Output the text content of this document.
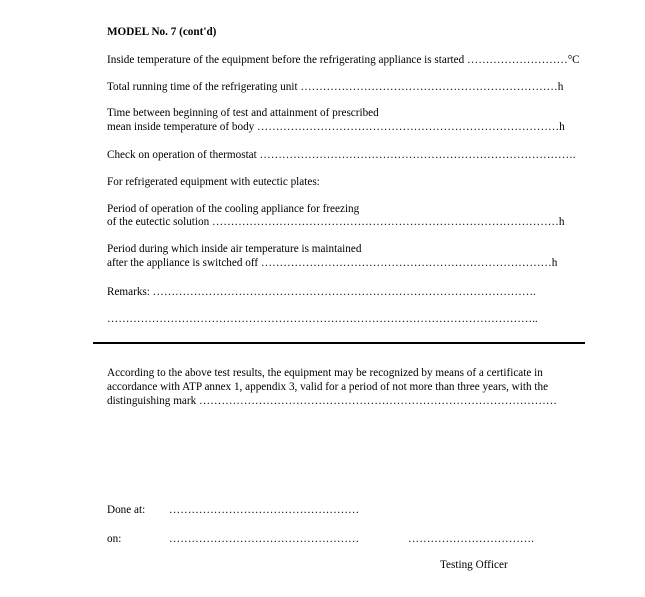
MODEL No. 7 (cont'd)
Inside temperature of the equipment before the refrigerating appliance is started ………………………°C
Total running time of the refrigerating unit ……………………………………………………………h
Time between beginning of test and attainment of prescribed
mean inside temperature of body ………………………………………………………………………h
Check on operation of thermostat ………………………………………………………………………….
For refrigerated equipment with eutectic plates:
Period of operation of the cooling appliance for freezing
of the eutectic solution …………………………………………………………………………………h
Period during which inside air temperature is maintained
after the appliance is switched off ……………………………………………………………………h
Remarks: ………………………………………………………………………………………….
……………………………………………………………………………………………………..
According to the above test results, the equipment may be recognized by means of a certificate in
accordance with ATP annex 1, appendix 3, valid for a period of not more than three years, with the
distinguishing mark ……………………………………………………………………………………
Done at: ……………………………………………
on:	……………………………………………	…………………………….
Testing Officer
